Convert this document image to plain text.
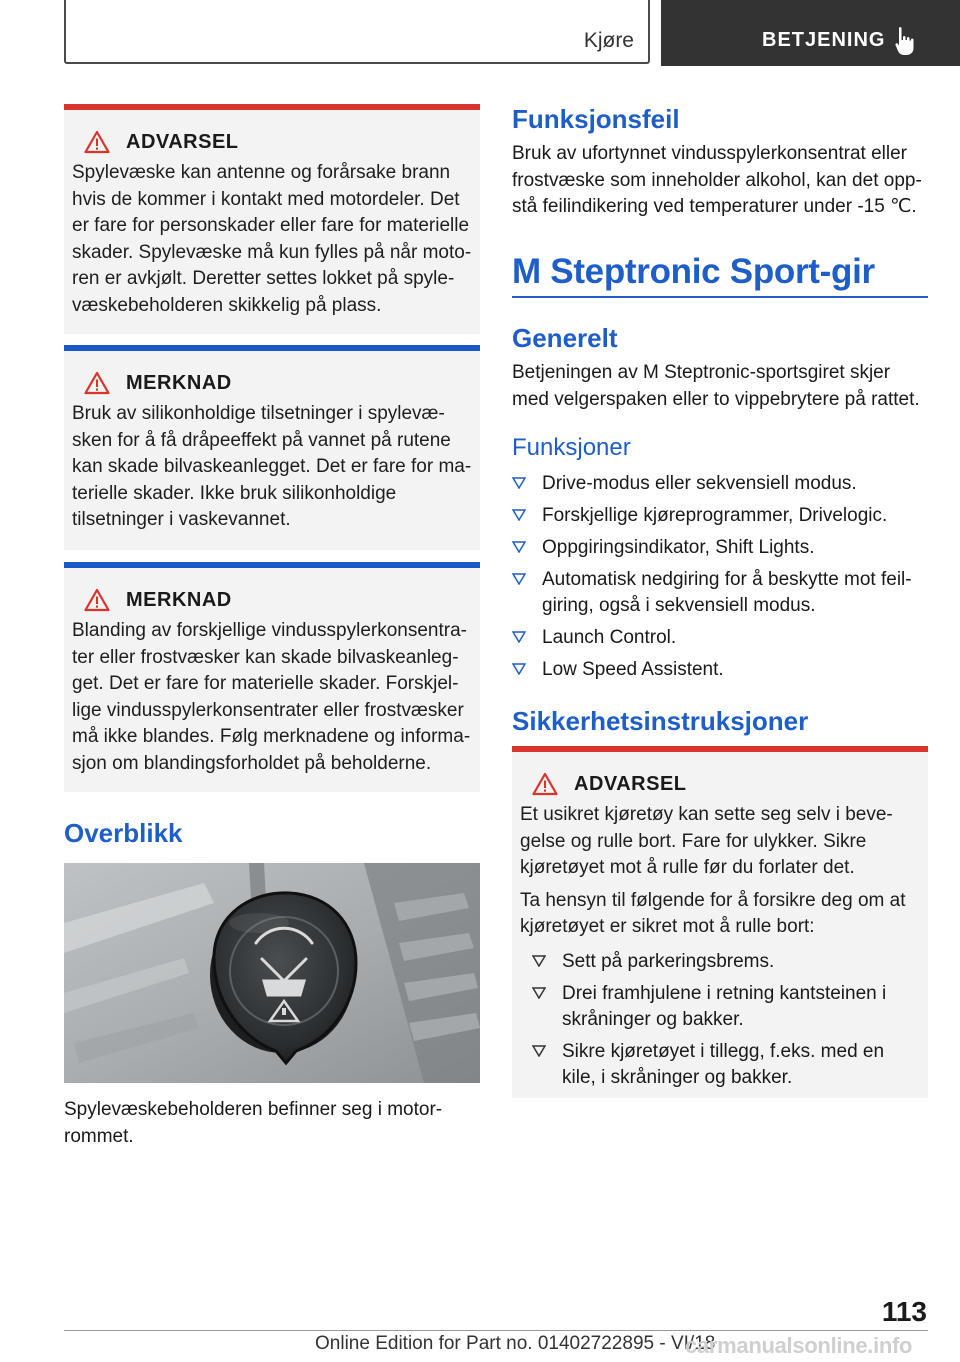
Kjøre	BETJENING
ADVARSEL

Spylevæske kan antenne og forårsake brann hvis de kommer i kontakt med motordeler. Det er fare for personskader eller fare for materielle skader. Spylevæske må kun fylles på når motoren er avkjølt. Deretter settes lokket på spylevæskebeholderen skikkelig på plass.

MERKNAD

Bruk av silikonholdige tilsetninger i spylevæsken for å få dråpeeffekt på vannet på rutene kan skade bilvaskeanlegget. Det er fare for materielle skader. Ikke bruk silikonholdige tilsetninger i vaskevannet.

MERKNAD

Blanding av forskjellige vindusspylerkonsentrater eller frostvæsker kan skade bilvaskeanlegget. Det er fare for materielle skader. Forskjellige vindusspylerkonsentrater eller frostvæsker må ikke blandes. Følg merknadene og informasjon om blandingsforholdet på beholderne.

Overblikk

Spylevæskebeholderen befinner seg i motorrommet.

Funksjonsfeil

Bruk av ufortynnet vindusspylerkonsentrat eller frostvæske som inneholder alkohol, kan det oppstå feilindikering ved temperaturer under -15 ℃.

M Steptronic Sport-gir
Generelt

Betjeningen av M Steptronic-sportsgiret skjer med velgerspaken eller to vippebrytere på rattet.

Funksjoner
Drive-modus eller sekvensiell modus.
Forskjellige kjøreprogrammer, Drivelogic.
Oppgiringsindikator, Shift Lights.
Automatisk nedgiring for å beskytte mot feilgiring, også i sekvensiell modus.
Launch Control.
Low Speed Assistent.
Sikkerhetsinstruksjoner
ADVARSEL

Et usikret kjøretøy kan sette seg selv i bevegelse og rulle bort. Fare for ulykker. Sikre kjøretøyet mot å rulle før du forlater det.

Ta hensyn til følgende for å forsikre deg om at kjøretøyet er sikret mot å rulle bort:

Sett på parkeringsbrems.
Drei framhjulene i retning kantsteinen i skråninger og bakker.
Sikre kjøretøyet i tillegg, f.eks. med en kile, i skråninger og bakker.
113
Online Edition for Part no. 01402722895 - VI/18
carmanualsonline.info
